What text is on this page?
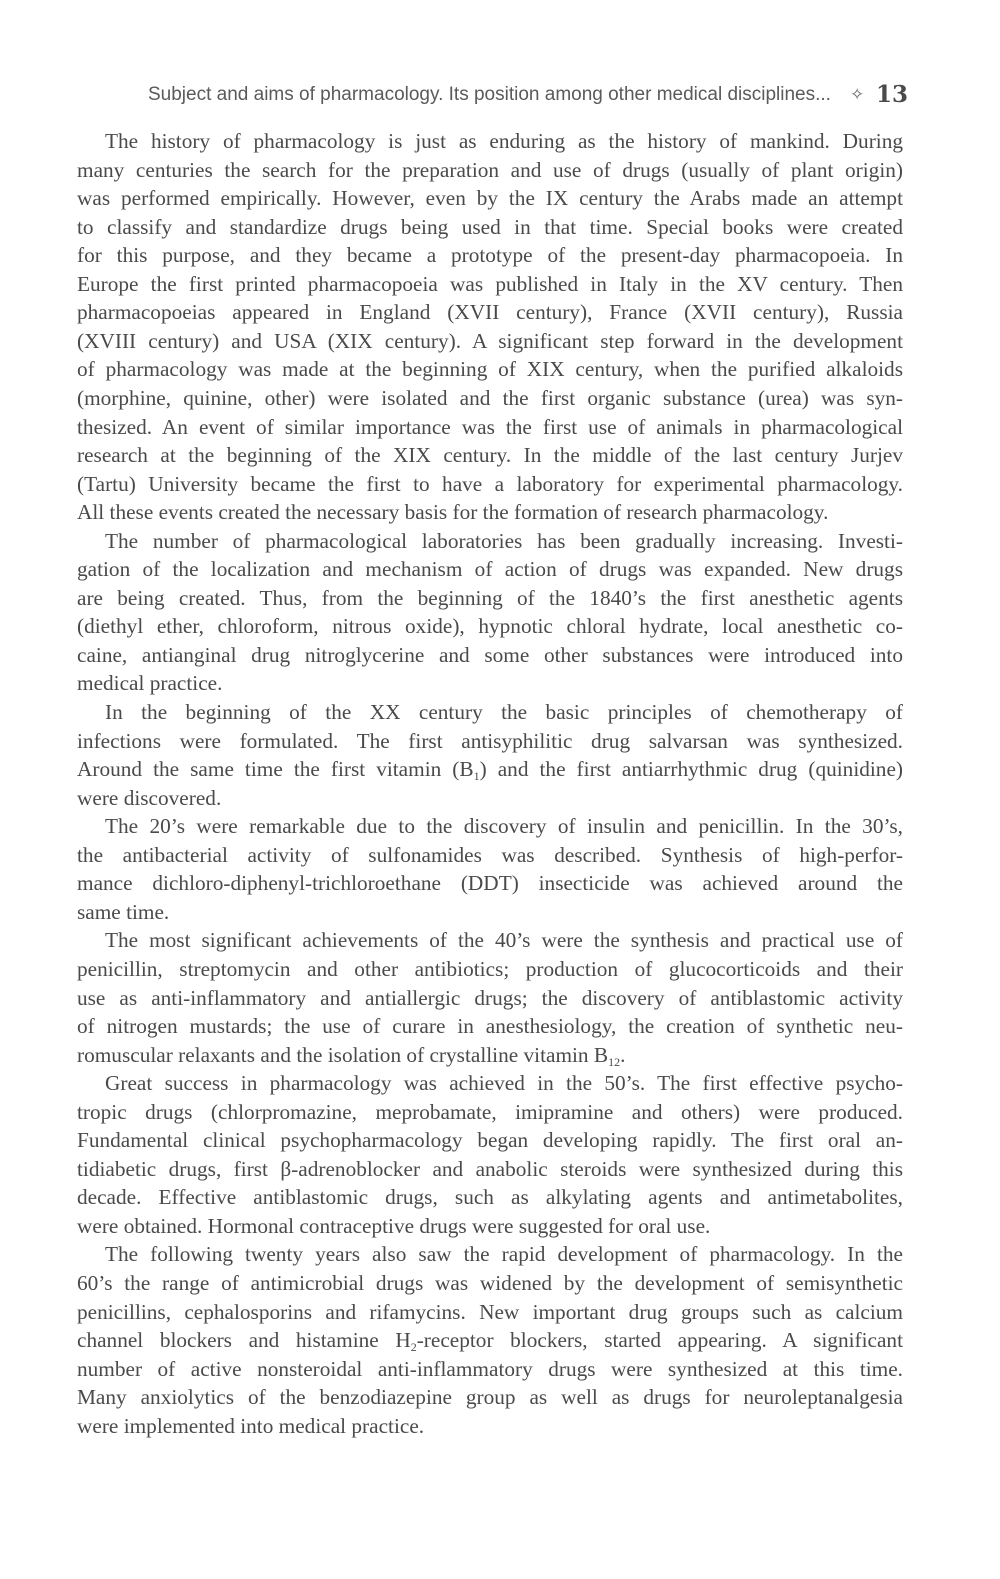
Subject and aims of pharmacology. Its position among other medical disciplines... ✧ 13
The history of pharmacology is just as enduring as the history of mankind. During
many centuries the search for the preparation and use of drugs (usually of plant origin)
was performed empirically. However, even by the IX century the Arabs made an attempt
to classify and standardize drugs being used in that time. Special books were created
for this purpose, and they became a prototype of the present-day pharmacopoeia. In
Europe the first printed pharmacopoeia was published in Italy in the XV century. Then
pharmacopoeias appeared in England (XVII century), France (XVII century), Russia
(XVIII century) and USA (XIX century). A significant step forward in the development
of pharmacology was made at the beginning of XIX century, when the purified alkaloids
(morphine, quinine, other) were isolated and the first organic substance (urea) was syn-
thesized. An event of similar importance was the first use of animals in pharmacological
research at the beginning of the XIX century. In the middle of the last century Jurjev
(Tartu) University became the first to have a laboratory for experimental pharmacology.
All these events created the necessary basis for the formation of research pharmacology.
The number of pharmacological laboratories has been gradually increasing. Investi-
gation of the localization and mechanism of action of drugs was expanded. New drugs
are being created. Thus, from the beginning of the 1840’s the first anesthetic agents
(diethyl ether, chloroform, nitrous oxide), hypnotic chloral hydrate, local anesthetic co-
caine, antianginal drug nitroglycerine and some other substances were introduced into
medical practice.
In the beginning of the XX century the basic principles of chemotherapy of
infections were formulated. The first antisyphilitic drug salvarsan was synthesized.
Around the same time the first vitamin $(B_1)$ and the first antiarrhythmic drug (quinidine)
were discovered.
The 20’s were remarkable due to the discovery of insulin and penicillin. In the 30’s,
the antibacterial activity of sulfonamides was described. Synthesis of high-perfor-
mance dichloro-diphenyl-trichloroethane (DDT) insecticide was achieved around the
same time.
The most significant achievements of the 40’s were the synthesis and practical use of
penicillin, streptomycin and other antibiotics; production of glucocorticoids and their
use as anti-inflammatory and antiallergic drugs; the discovery of antiblastomic activity
of nitrogen mustards; the use of curare in anesthesiology, the creation of synthetic neu-
romuscular relaxants and the isolation of crystalline vitamin $B_{12}$.
Great success in pharmacology was achieved in the 50’s. The first effective psycho-
tropic drugs (chlorpromazine, meprobamate, imipramine and others) were produced.
Fundamental clinical psychopharmacology began developing rapidly. The first oral an-
tidiabetic drugs, first β-adrenoblocker and anabolic steroids were synthesized during this
decade. Effective antiblastomic drugs, such as alkylating agents and antimetabolites,
were obtained. Hormonal contraceptive drugs were suggested for oral use.
The following twenty years also saw the rapid development of pharmacology. In the
60’s the range of antimicrobial drugs was widened by the development of semisynthetic
penicillins, cephalosporins and rifamycins. New important drug groups such as calcium
channel blockers and histamine $H_2$-receptor blockers, started appearing. A significant
number of active nonsteroidal anti-inflammatory drugs were synthesized at this time.
Many anxiolytics of the benzodiazepine group as well as drugs for neuroleptanalgesia
were implemented into medical practice.
